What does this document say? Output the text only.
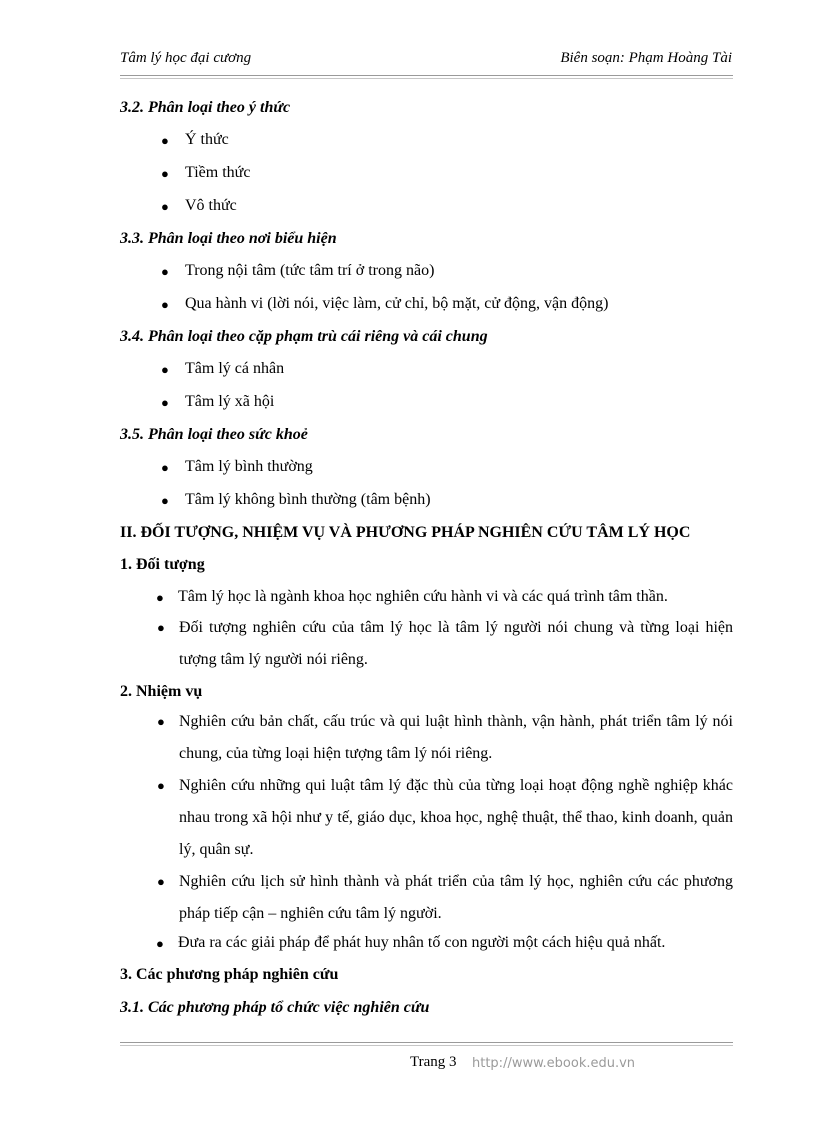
Tâm lý học đại cương	Biên soạn: Phạm Hoàng Tài
3.2. Phân loại theo ý thức
● Ý thức
● Tiềm thức
● Vô thức
3.3. Phân loại theo nơi biểu hiện
● Trong nội tâm (tức tâm trí ở trong não)
● Qua hành vi (lời nói, việc làm, cử chỉ, bộ mặt, cử động, vận động)
3.4. Phân loại theo cặp phạm trù cái riêng và cái chung
● Tâm lý cá nhân
● Tâm lý xã hội
3.5. Phân loại theo sức khoẻ
● Tâm lý bình thường
● Tâm lý không bình thường (tâm bệnh)
II. ĐỐI TƯỢNG, NHIỆM VỤ VÀ PHƯƠNG PHÁP NGHIÊN CỨU TÂM LÝ HỌC
1. Đối tượng
● Tâm lý học là ngành khoa học nghiên cứu hành vi và các quá trình tâm thần.
● Đối tượng nghiên cứu của tâm lý học là tâm lý người nói chung và từng loại hiện tượng tâm lý người nói riêng.
2. Nhiệm vụ
● Nghiên cứu bản chất, cấu trúc và qui luật hình thành, vận hành, phát triển tâm lý nói chung, của từng loại hiện tượng tâm lý nói riêng.
● Nghiên cứu những qui luật tâm lý đặc thù của từng loại hoạt động nghề nghiệp khác nhau trong xã hội như y tế, giáo dục, khoa học, nghệ thuật, thể thao, kinh doanh, quản lý, quân sự.
● Nghiên cứu lịch sử hình thành và phát triển của tâm lý học, nghiên cứu các phương pháp tiếp cận – nghiên cứu tâm lý người.
● Đưa ra các giải pháp để phát huy nhân tố con người một cách hiệu quả nhất.
3. Các phương pháp nghiên cứu
3.1. Các phương pháp tổ chức việc nghiên cứu
Trang 3 http://www.ebook.edu.vn
